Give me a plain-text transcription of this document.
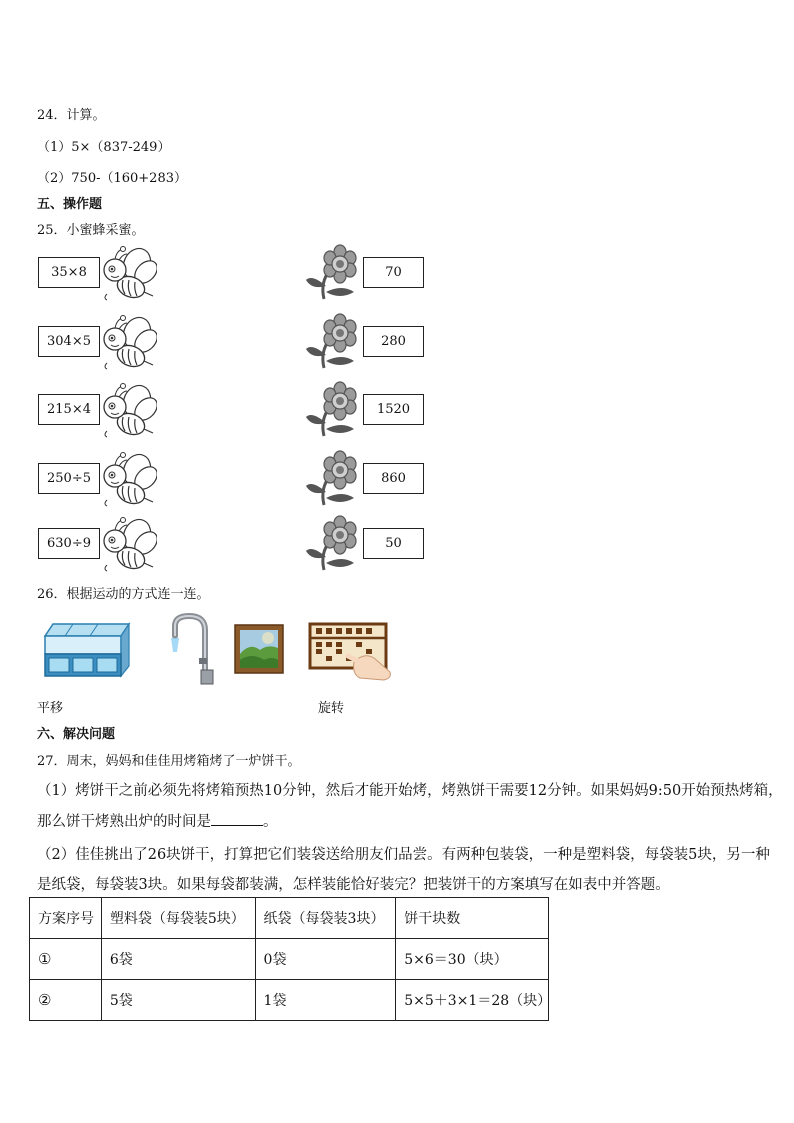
24．计算。
（1）5×（837-249）
（2）750-（160+283）
五、操作题
25．小蜜蜂采蜜。
35×8	70
304×5	280
215×4	1520
250÷5	860
630÷9	50
26．根据运动的方式连一连。
平移	旋转
六、解决问题
27．周末，妈妈和佳佳用烤箱烤了一炉饼干。
（1）烤饼干之前必须先将烤箱预热10分钟，然后才能开始烤，烤熟饼干需要12分钟。如果妈妈9:50开始预热烤箱，
那么饼干烤熟出炉的时间是	。
（2）佳佳挑出了26块饼干，打算把它们装袋送给朋友们品尝。有两种包装袋，一种是塑料袋，每袋装5块，另一种
是纸袋，每袋装3块。如果每袋都装满，怎样装能恰好装完？把装饼干的方案填写在如表中并答题。
方案序号	塑料袋（每袋装5块）	纸袋（每袋装3块）	饼干块数
①	6袋	0袋	5×6＝30（块）
②	5袋	1袋	5×5＋3×1＝28（块）
